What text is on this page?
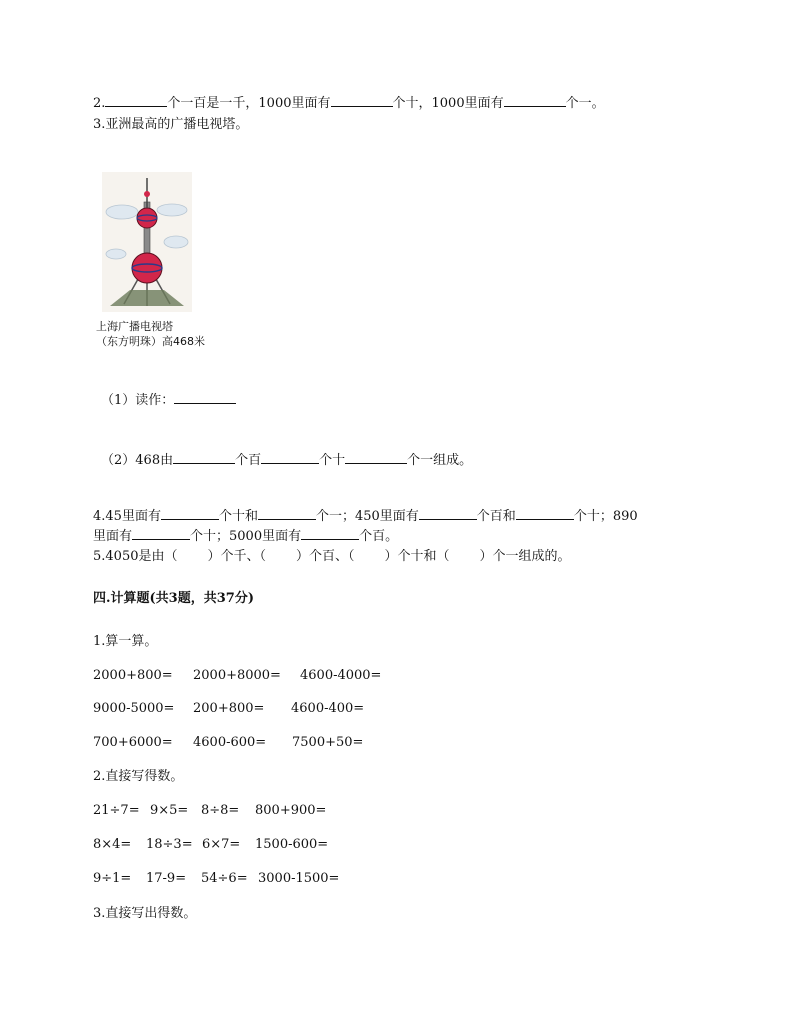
2.	个一百是一千，1000里面有	个十，1000里面有	个一。
3.亚洲最高的广播电视塔。
上海广播电视塔
（东方明珠）高468米
（1）读作：
（2）468由	个百	个十	个一组成。
4.45里面有	个十和	个一；450里面有	个百和	个十；890
里面有	个十；5000里面有	个百。
5.4050是由（ ）个千、（ ）个百、（ ）个十和（ ）个一组成的。
四.计算题(共3题，共37分)
1.算一算。
2000+800= 2000+8000= 4600-4000=
9000-5000= 200+800= 4600-400=
700+6000= 4600-600= 7500+50=
2.直接写得数。
21÷7= 9×5= 8÷8= 800+900=
8×4= 18÷3= 6×7= 1500-600=
9÷1= 17-9= 54÷6= 3000-1500=
3.直接写出得数。
